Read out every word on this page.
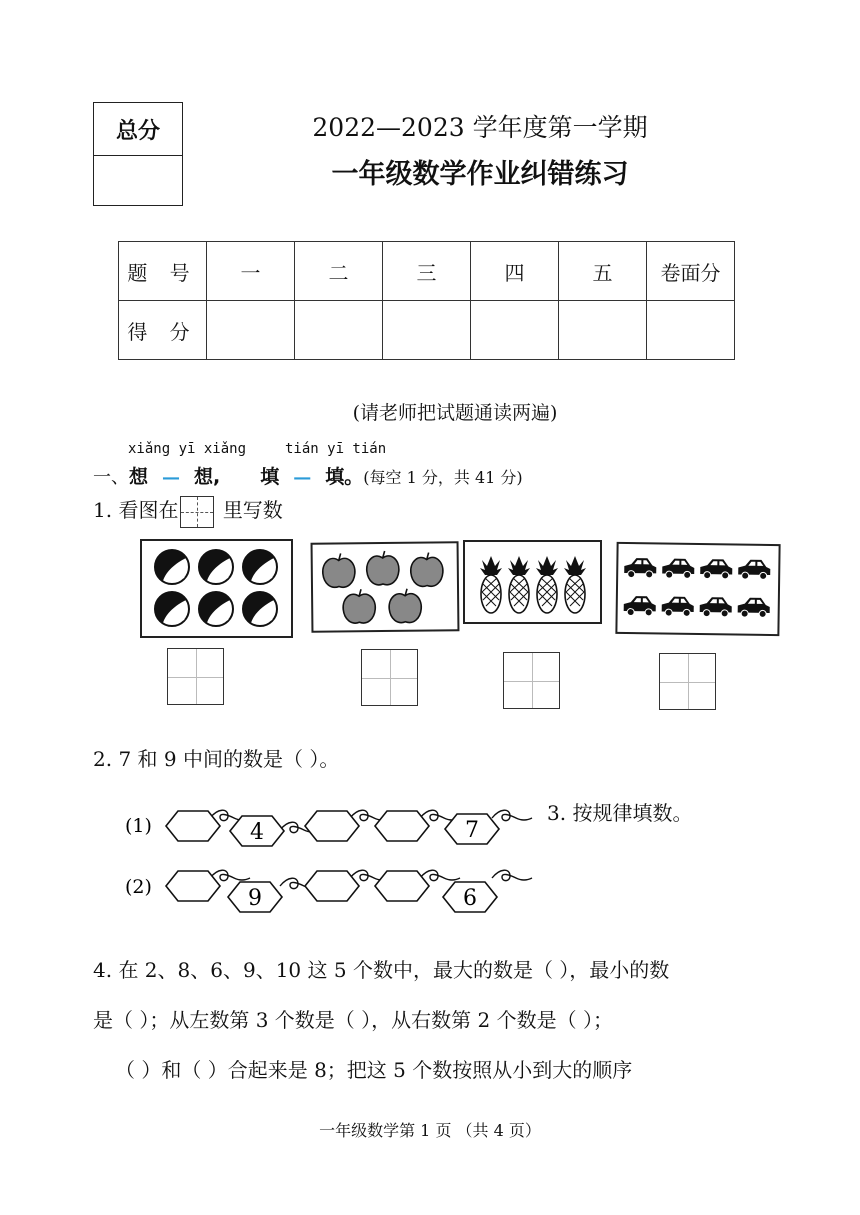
总分	2022—2023 学年度第一学期
一年级数学作业纠错练习
题 号	一	二	三	四	五	卷面分
得 分						
(请老师把试题通读两遍)
xiǎng yī xiǎng	tián yī tián
一、想 — 想, 填 — 填。(每空 1 分，共 41 分)
1. 看图在 里写数
2. 7 和 9 中间的数是（ ）。
(1)	4	7
(2)	9	6
3. 按规律填数。
4. 在 2、8、6、9、10 这 5 个数中，最大的数是（ ），最小的数
是（ ）；从左数第 3 个数是（ ），从右数第 2 个数是（ ）；
（ ）和（ ）合起来是 8；把这 5 个数按照从小到大的顺序
一年级数学第 1 页 （共 4 页）
